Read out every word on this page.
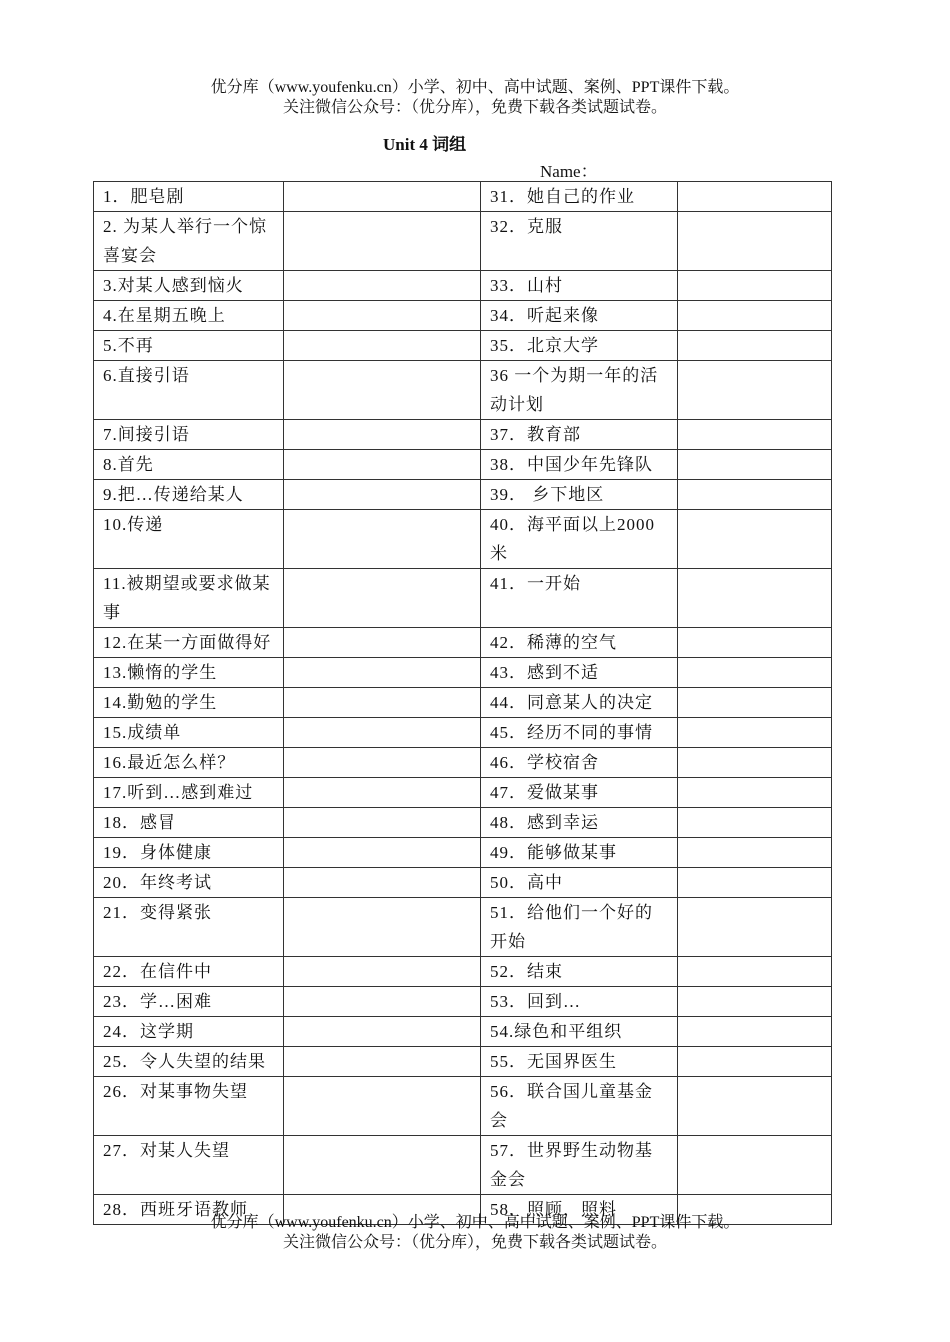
优分库（www.youfenku.cn）小学、初中、高中试题、案例、PPT课件下载。
关注微信公众号：（优分库），免费下载各类试题试卷。
Unit 4 词组
Name：
1．肥皂剧		31．她自己的作业	
2. 为某人举行一个惊喜宴会		32．克服	
3.对某人感到恼火		33．山村	
4.在星期五晚上		34．听起来像	
5.不再		35．北京大学	
6.直接引语		36 一个为期一年的活动计划	
7.间接引语		37．教育部	
8.首先		38．中国少年先锋队	
9.把…传递给某人		39． 乡下地区	
10.传递		40．海平面以上2000米	
11.被期望或要求做某事		41．一开始	
12.在某一方面做得好		42．稀薄的空气	
13.懒惰的学生		43．感到不适	
14.勤勉的学生		44．同意某人的决定	
15.成绩单		45．经历不同的事情	
16.最近怎么样？		46．学校宿舍	
17.听到…感到难过		47．爱做某事	
18．感冒		48．感到幸运	
19．身体健康		49．能够做某事	
20．年终考试		50．高中	
21．变得紧张		51．给他们一个好的开始	
22．在信件中		52．结束	
23．学…困难		53．回到…	
24．这学期		54.绿色和平组织	
25．令人失望的结果		55．无国界医生	
26．对某事物失望		56．联合国儿童基金会	
27．对某人失望		57．世界野生动物基金会	
28．西班牙语教师		58．照顾，照料	
优分库（www.youfenku.cn）小学、初中、高中试题、案例、PPT课件下载。
关注微信公众号：（优分库），免费下载各类试题试卷。
